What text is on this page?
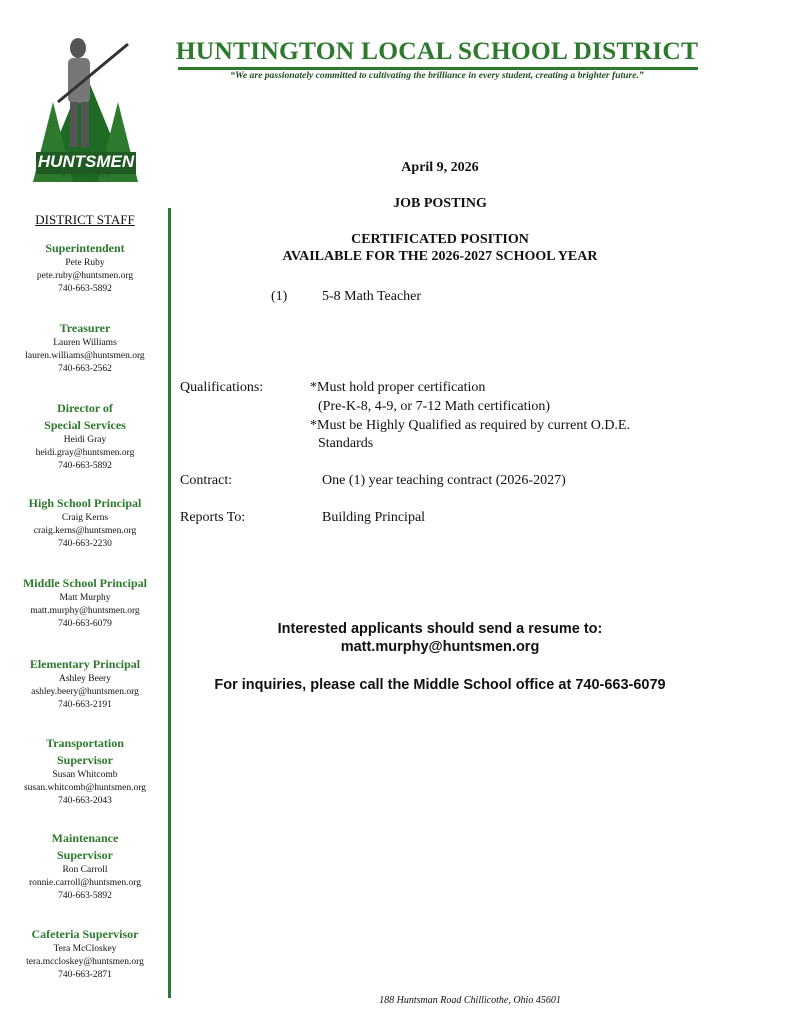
HUNTSMEN
HUNTINGTON
HUNTINGTON LOCAL SCHOOL DISTRICT
“We are passionately committed to cultivating the brilliance in every student, creating a brighter future.”
DISTRICT STAFF
Superintendent
Pete Ruby
pete.ruby@huntsmen.org
740-663-5892
Treasurer
Lauren Williams
lauren.williams@huntsmen.org
740-663-2562
Director of
Special Services
Heidi Gray
heidi.gray@huntsmen.org
740-663-5892
High School Principal
Craig Kerns
craig.kerns@huntsmen.org
740-663-2230
Middle School Principal
Matt Murphy
matt.murphy@huntsmen.org
740-663-6079
Elementary Principal
Ashley Beery
ashley.beery@huntsmen.org
740-663-2191
Transportation
Supervisor
Susan Whitcomb
susan.whitcomb@huntsmen.org
740-663-2043
Maintenance
Supervisor
Ron Carroll
ronnie.carroll@huntsmen.org
740-663-5892
Cafeteria Supervisor
Tera McCloskey
tera.mccloskey@huntsmen.org
740-663-2871
April 9, 2026
JOB POSTING
CERTIFICATED POSITION
AVAILABLE FOR THE 2026-2027 SCHOOL YEAR
(1) 5-8 Math Teacher
Qualifications:	*Must hold proper certification
(Pre-K-8, 4-9, or 7-12 Math certification)
*Must be Highly Qualified as required by current O.D.E.
Standards
Contract:	One (1) year teaching contract (2026-2027)
Reports To:	Building Principal
Interested applicants should send a resume to:
matt.murphy@huntsmen.org
For inquiries, please call the Middle School office at 740-663-6079
188 Huntsman Road Chillicothe, Ohio 45601
